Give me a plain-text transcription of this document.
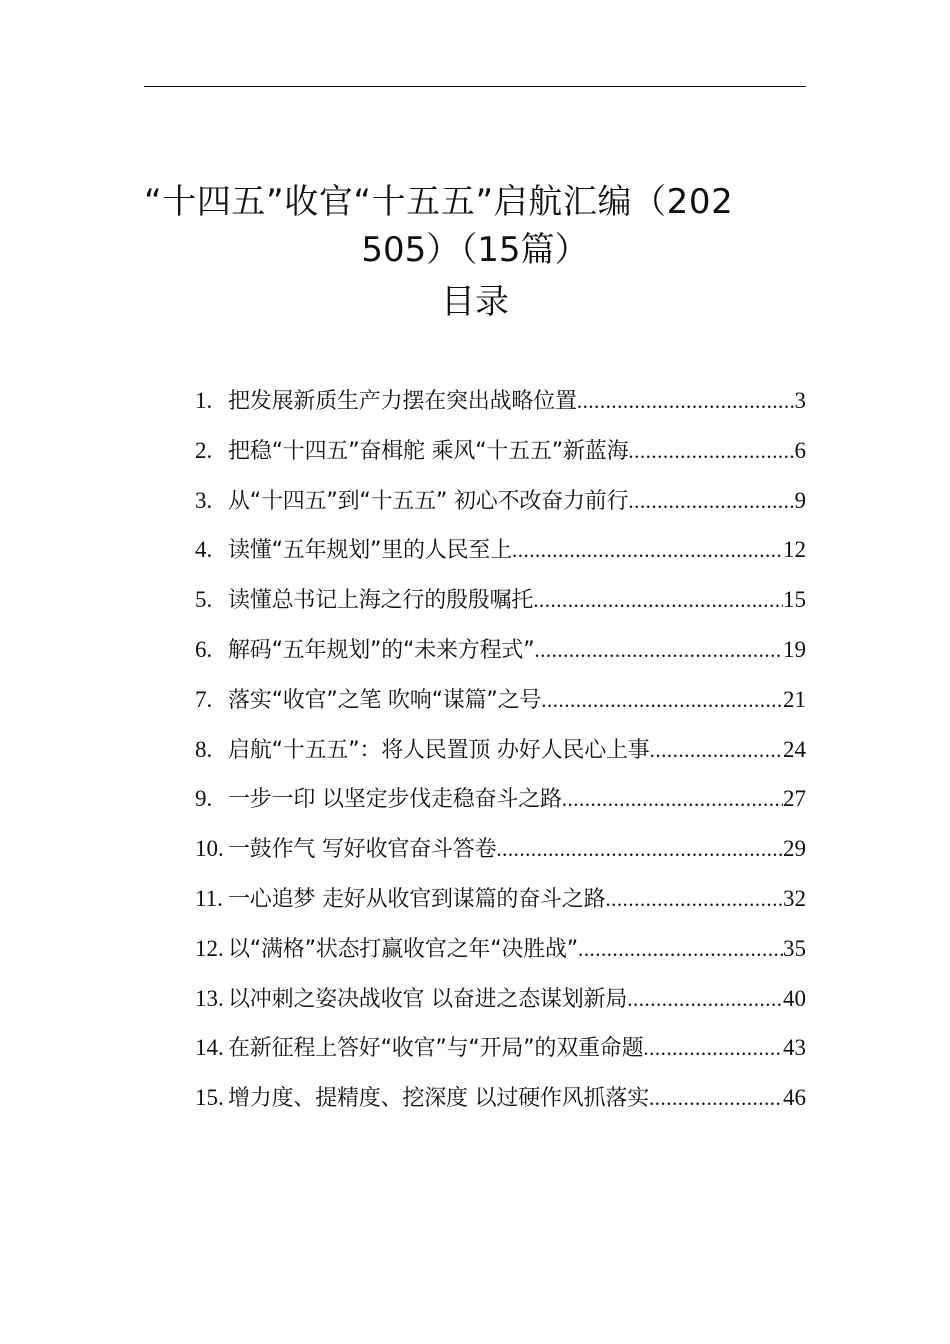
“十四五”收官“十五五”启航汇编（202
505）（15篇）
目录
1. 把发展新质生产力摆在突出战略位置 .....	3
2. 把稳“十四五”奋楫舵 乘风“十五五”新蓝海 .....	6
3. 从“十四五”到“十五五” 初心不改奋力前行 .....	9
4. 读懂“五年规划”里的人民至上 .....	12
5. 读懂总书记上海之行的殷殷嘱托 .....	15
6. 解码“五年规划”的“未来方程式” .....	19
7. 落实“收官”之笔 吹响“谋篇”之号 .....	21
8. 启航“十五五”：将人民置顶 办好人民心上事 .....	24
9. 一步一印 以坚定步伐走稳奋斗之路 .....	27
10. 一鼓作气 写好收官奋斗答卷 .....	29
11. 一心追梦 走好从收官到谋篇的奋斗之路 .....	32
12. 以“满格”状态打赢收官之年“决胜战” .....	35
13. 以冲刺之姿决战收官 以奋进之态谋划新局 .....	40
14. 在新征程上答好“收官”与“开局”的双重命题 .....	43
15. 增力度、提精度、挖深度 以过硬作风抓落实 .....	46
